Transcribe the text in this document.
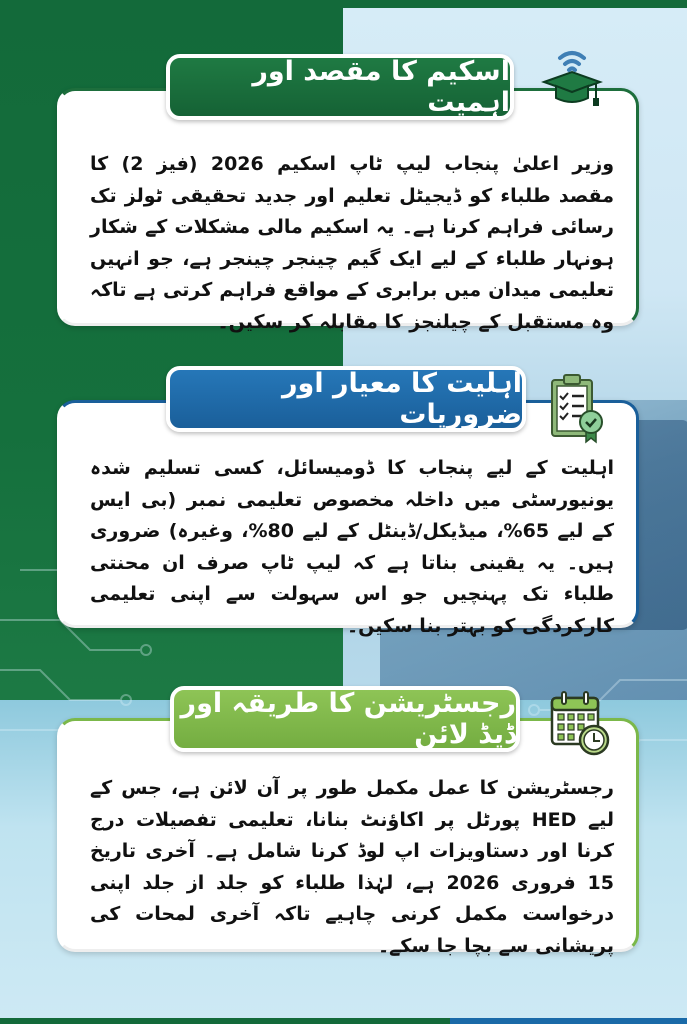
وزیر اعلیٰ پنجاب لیپ ٹاپ اسکیم 2026 (فیز 2) کا مقصد طلباء کو ڈیجیٹل تعلیم اور جدید تحقیقی ٹولز تک رسائی فراہم کرنا ہے۔ یہ اسکیم مالی مشکلات کے شکار ہونہار طلباء کے لیے ایک گیم چینجر چینجر ہے، جو انہیں تعلیمی میدان میں برابری کے مواقع فراہم کرتی ہے تاکہ وہ مستقبل کے چیلنجز کا مقابلہ کر سکیں۔
اسکیم کا مقصد اور اہمیت
اہلیت کے لیے پنجاب کا ڈومیسائل، کسی تسلیم شدہ یونیورسٹی میں داخلہ مخصوص تعلیمی نمبر (بی ایس کے لیے 65%، میڈیکل/ڈینٹل کے لیے 80%، وغیرہ) ضروری ہیں۔ یہ یقینی بناتا ہے کہ لیپ ٹاپ صرف ان محنتی طلباء تک پہنچیں جو اس سہولت سے اپنی تعلیمی کارکردگی کو بہتر بنا سکیں۔
اہلیت کا معیار اور ضروریات
رجسٹریشن کا عمل مکمل طور پر آن لائن ہے، جس کے لیے HED پورٹل پر اکاؤنٹ بنانا، تعلیمی تفصیلات درج کرنا اور دستاویزات اپ لوڈ کرنا شامل ہے۔ آخری تاریخ 15 فروری 2026 ہے، لہٰذا طلباء کو جلد از جلد اپنی درخواست مکمل کرنی چاہیے تاکہ آخری لمحات کی پریشانی سے بچا جا سکے۔
رجسٹریشن کا طریقہ اور ڈیڈ لائن
